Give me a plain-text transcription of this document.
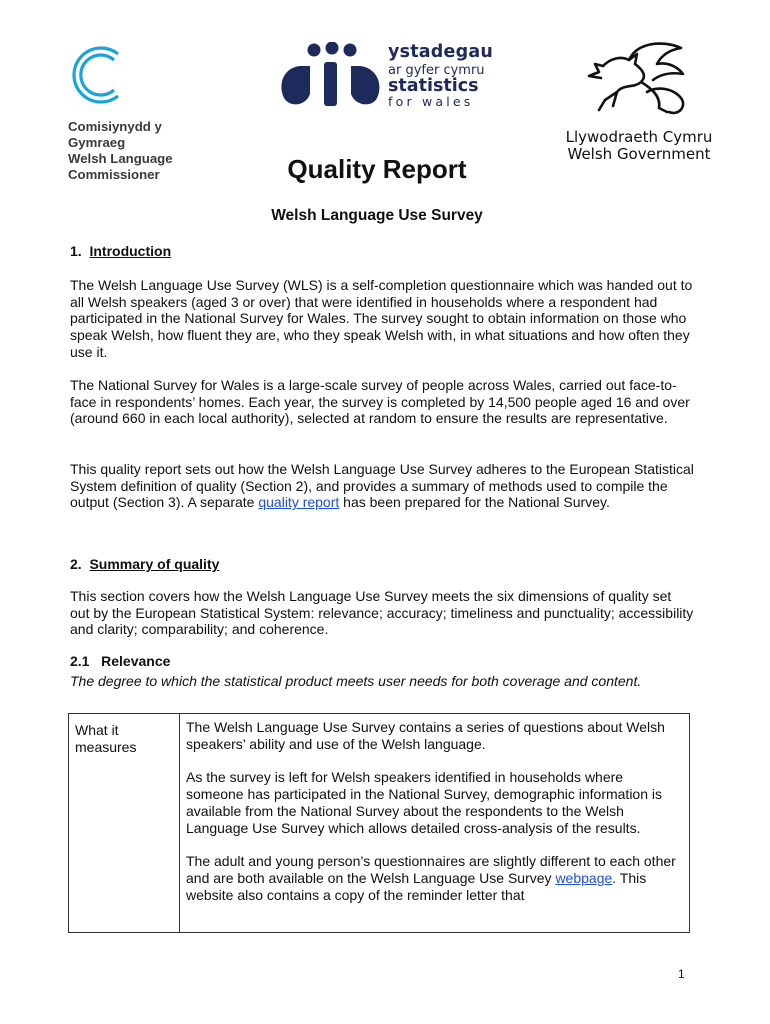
Comisiynydd y
Gymraeg
Welsh Language
Commissioner
ystadegau
ar gyfer cymru
statistics
for wales
Llywodraeth Cymru
Welsh Government
Quality Report
Welsh Language Use Survey
1. Introduction
The Welsh Language Use Survey (WLS) is a self-completion questionnaire which was handed out to all Welsh speakers (aged 3 or over) that were identified in households where a respondent had participated in the National Survey for Wales. The survey sought to obtain information on those who speak Welsh, how fluent they are, who they speak Welsh with, in what situations and how often they use it.
The National Survey for Wales is a large-scale survey of people across Wales, carried out face-to-face in respondents’ homes. Each year, the survey is completed by 14,500 people aged 16 and over (around 660 in each local authority), selected at random to ensure the results are representative.
This quality report sets out how the Welsh Language Use Survey adheres to the European Statistical System definition of quality (Section 2), and provides a summary of methods used to compile the output (Section 3). A separate quality report has been prepared for the National Survey.
2. Summary of quality
This section covers how the Welsh Language Use Survey meets the six dimensions of quality set out by the European Statistical System: relevance; accuracy; timeliness and punctuality; accessibility and clarity; comparability; and coherence.
2.1 Relevance
The degree to which the statistical product meets user needs for both coverage and content.
What it measures	

The Welsh Language Use Survey contains a series of questions about Welsh speakers’ ability and use of the Welsh language.

As the survey is left for Welsh speakers identified in households where someone has participated in the National Survey, demographic information is available from the National Survey about the respondents to the Welsh Language Use Survey which allows detailed cross-analysis of the results.

The adult and young person’s questionnaires are slightly different to each other and are both available on the Welsh Language Use Survey webpage. This website also contains a copy of the reminder letter that

1
